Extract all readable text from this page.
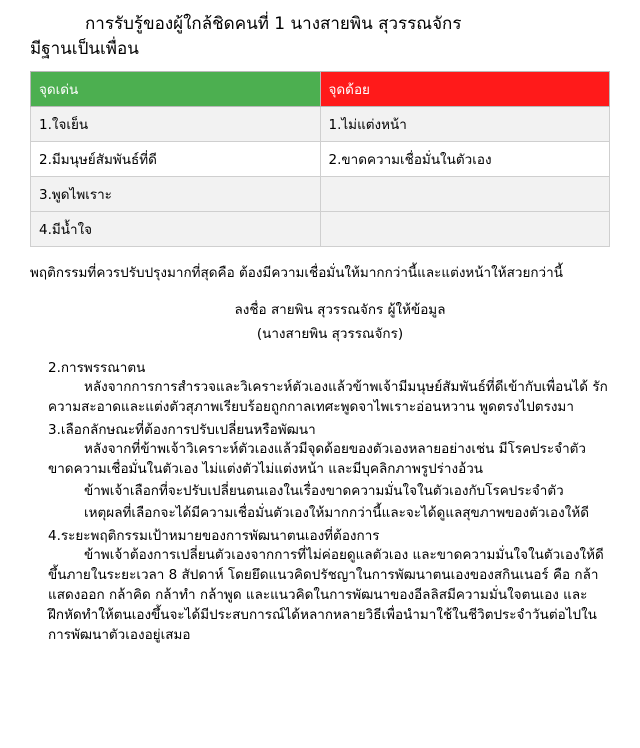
การรับรู้ของผู้ใกล้ชิดคนที่ 1 นางสายพิน สุวรรณจักร
มีฐานเป็นเพื่อน
จุดเด่น	จุดด้อย
1.ใจเย็น	1.ไม่แต่งหน้า
2.มีมนุษย์สัมพันธ์ที่ดี	2.ขาดความเชื่อมั่นในตัวเอง
3.พูดไพเราะ	
4.มีน้ำใจ	

พฤติกรรมที่ควรปรับปรุงมากที่สุดคือ ต้องมีความเชื่อมั่นให้มากกว่านี้และแต่งหน้าให้สวยกว่านี้

ลงชื่อ สายพิน สุวรรณจักร ผู้ให้ข้อมูล

(นางสายพิน สุวรรณจักร)

2.การพรรณาตน

หลังจากการการสำรวจและวิเคราะห์ตัวเองแล้วข้าพเจ้ามีมนุษย์สัมพันธ์ที่ดีเข้ากับเพื่อนได้ รักความสะอาดและแต่งตัวสุภาพเรียบร้อยถูกกาลเทศะพูดจาไพเราะอ่อนหวาน พูดตรงไปตรงมา

3.เลือกลักษณะที่ต้องการปรับเปลี่ยนหรือพัฒนา

หลังจากที่ข้าพเจ้าวิเคราะห์ตัวเองแล้วมีจุดด้อยของตัวเองหลายอย่างเช่น มีโรคประจำตัว ขาดความเชื่อมั่นในตัวเอง ไม่แต่งตัวไม่แต่งหน้า และมีบุคลิกภาพรูปร่างอ้วน

ข้าพเจ้าเลือกที่จะปรับเปลี่ยนตนเองในเรื่องขาดความมั่นใจในตัวเองกับโรคประจำตัว

เหตุผลที่เลือกจะได้มีความเชื่อมั่นตัวเองให้มากกว่านี้และจะได้ดูแลสุขภาพของตัวเองให้ดี

4.ระยะพฤติกรรมเป้าหมายของการพัฒนาตนเองที่ต้องการ

ข้าพเจ้าต้องการเปลี่ยนตัวเองจากการที่ไม่ค่อยดูแลตัวเอง และขาดความมั่นใจในตัวเองให้ดีขึ้นภายในระยะเวลา 8 สัปดาห์ โดยยึดแนวคิดปรัชญาในการพัฒนาตนเองของสกินเนอร์ คือ กล้าแสดงออก กล้าคิด กล้าทำ กล้าพูด และแนวคิดในการพัฒนาของอีลลิสมีความมั่นใจตนเอง และฝึกหัดทำให้ตนเองขึ้นจะได้มีประสบการณ์ได้หลากหลายวิธีเพื่อนำมาใช้ในชีวิตประจำวันต่อไปในการพัฒนาตัวเองอยู่เสมอ
